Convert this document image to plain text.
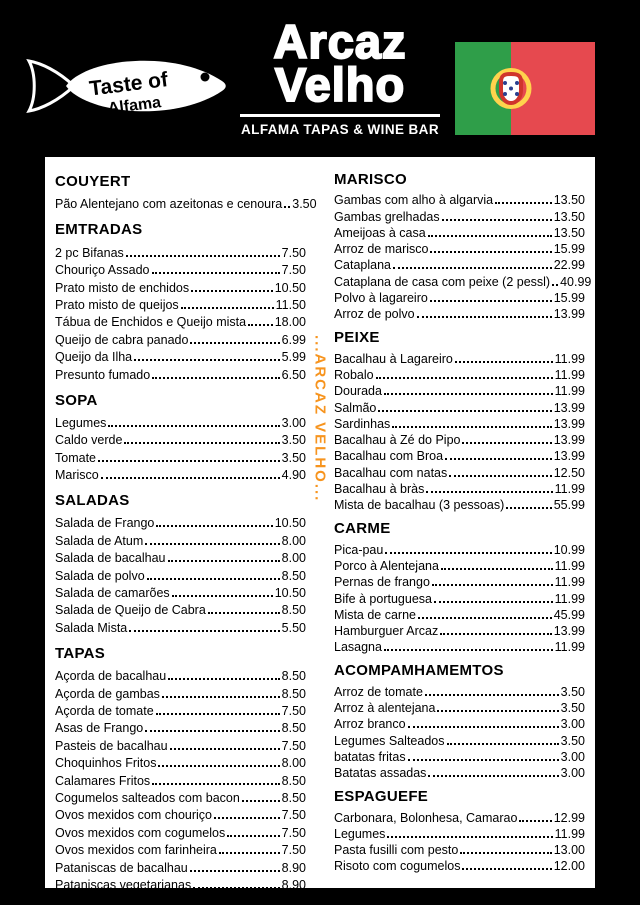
Taste of
Alfama
Arcaz
Velho
ALFAMA TAPAS & WINE BAR
COUYERT
Pão Alentejano com azeitonas e cenoura 3.50
EMTRADAS
2 pc Bifanas	7.50
Chouriço Assado	7.50
Prato misto de enchidos	10.50
Prato misto de queijos	11.50
Tábua de Enchidos e Queijo mista 18.00
Queijo de cabra panado	6.99
Queijo da Ilha	5.99
Presunto fumado	6.50
SOPA
Legumes	3.00
Caldo verde	3.50
Tomate	3.50
Marisco	4.90
SALADAS
Salada de Frango	10.50
Salada de Atum	8.00
Salada de bacalhau	8.00
Salada de polvo	8.50
Salada de camarões	10.50
Salada de Queijo de Cabra	8.50
Salada Mista	5.50
TAPAS
Açorda de bacalhau	8.50
Açorda de gambas	8.50
Açorda de tomate	7.50
Asas de Frango	8.50
Pasteis de bacalhau	7.50
Choquinhos Fritos	8.00
Calamares Fritos	8.50
Cogumelos salteados com bacon	8.50
Ovos mexidos com chouriço	7.50
Ovos mexidos com cogumelos	7.50
Ovos mexidos com farinheira	7.50
Pataniscas de bacalhau	8.90
Pataniscas vegetarianas	8.90
MARISCO
Gambas com alho à algarvia	13.50
Gambas grelhadas	13.50
Ameijoas à casa	13.50
Arroz de marisco	15.99
Cataplana	22.99
Cataplana de casa com peixe (2 pessl) 40.99
Polvo à lagareiro	15.99
Arroz de polvo	13.99
PEIXE
Bacalhau à Lagareiro	11.99
Robalo	11.99
Dourada	11.99
Salmão	13.99
Sardinhas	13.99
Bacalhau à Zé do Pipo	13.99
Bacalhau com Broa	13.99
Bacalhau com natas	12.50
Bacalhau à bràs	11.99
Mista de bacalhau (3 pessoas)	55.99
CARME
Pica-pau	10.99
Porco à Alentejana	11.99
Pernas de frango	11.99
Bife à portuguesa	11.99
Mista de carne	45.99
Hamburguer Arcaz	13.99
Lasagna	11.99
ACOMPAMHAMEMTOS
Arroz de tomate	3.50
Arroz à alentejana	3.50
Arroz branco	3.00
Legumes Salteados	3.50
batatas fritas	3.00
Batatas assadas	3.00
ESPAGUEFE
Carbonara, Bolonhesa, Camarao	12.99
Legumes	11.99
Pasta fusilli com pesto	13.00
Risoto com cogumelos	12.00
...ARCAZ VELHO...
